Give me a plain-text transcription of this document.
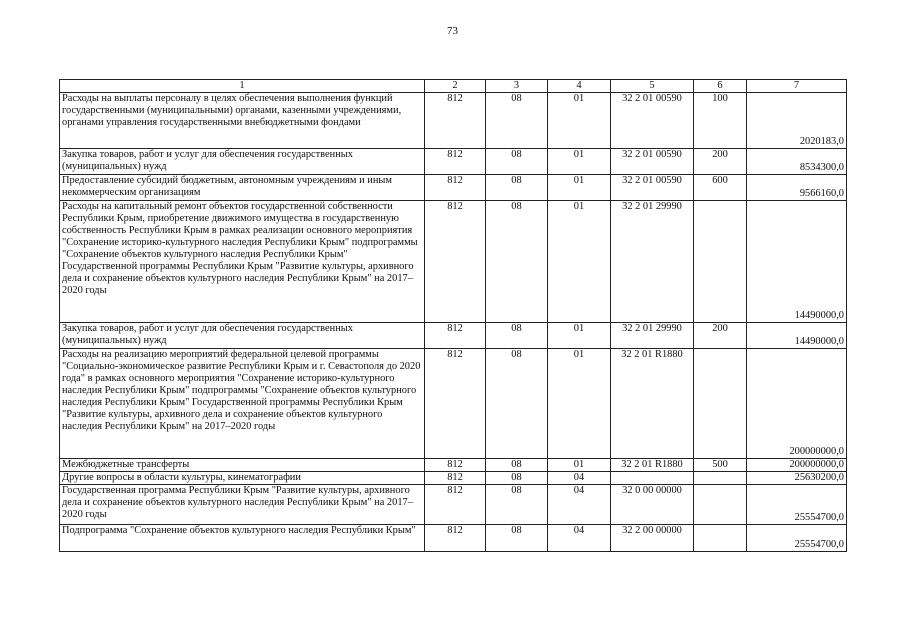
73
1	2	3	4	5	6	7
Расходы на выплаты персоналу в целях обеспечения выполнения функций государственными (муниципальными) органами, казенными учреждениями, органами управления государственными внебюджетными фондами	812	08	01	32 2 01 00590	100	2020183,0
Закупка товаров, работ и услуг для обеспечения государственных (муниципальных) нужд	812	08	01	32 2 01 00590	200	8534300,0
Предоставление субсидий бюджетным, автономным учреждениям и иным некоммерческим организациям	812	08	01	32 2 01 00590	600	9566160,0
Расходы на капитальный ремонт объектов государственной собственности Республики Крым, приобретение движимого имущества в государственную собственность Республики Крым в рамках реализации основного мероприятия "Сохранение историко-культурного наследия Республики Крым" подпрограммы "Сохранение объектов культурного наследия Республики Крым" Государственной программы Республики Крым "Развитие культуры, архивного дела и сохранение объектов культурного наследия Республики Крым" на 2017–2020 годы	812	08	01	32 2 01 29990		14490000,0
Закупка товаров, работ и услуг для обеспечения государственных (муниципальных) нужд	812	08	01	32 2 01 29990	200	14490000,0
Расходы на реализацию мероприятий федеральной целевой программы "Социально-экономическое развитие Республики Крым и г. Севастополя до 2020 года" в рамках основного мероприятия "Сохранение историко-культурного наследия Республики Крым" подпрограммы "Сохранение объектов культурного наследия Республики Крым" Государственной программы Республики Крым "Развитие культуры, архивного дела и сохранение объектов культурного наследия Республики Крым" на 2017–2020 годы	812	08	01	32 2 01 R1880		200000000,0
Межбюджетные трансферты	812	08	01	32 2 01 R1880	500	200000000,0
Другие вопросы в области культуры, кинематографии	812	08	04			25630200,0
Государственная программа Республики Крым "Развитие культуры, архивного дела и сохранение объектов культурного наследия Республики Крым" на 2017–2020 годы	812	08	04	32 0 00 00000		25554700,0
Подпрограмма "Сохранение объектов культурного наследия Республики Крым"	812	08	04	32 2 00 00000		25554700,0
